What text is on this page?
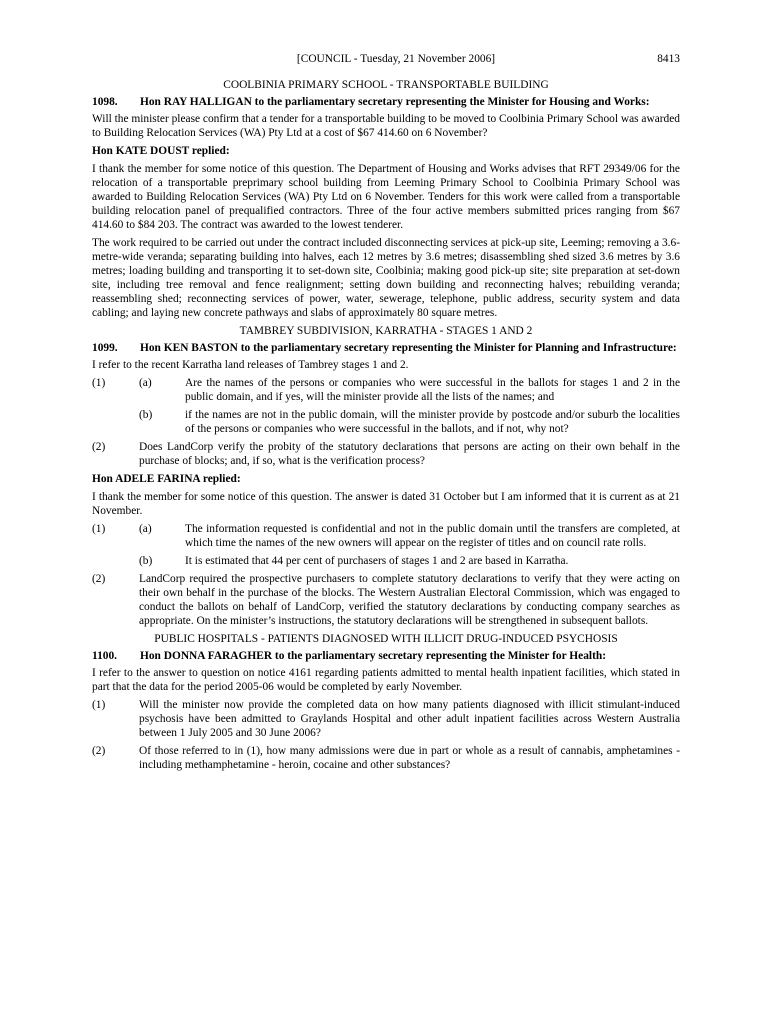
[COUNCIL - Tuesday, 21 November 2006]	8413
COOLBINIA PRIMARY SCHOOL - TRANSPORTABLE BUILDING
1098.	Hon RAY HALLIGAN to the parliamentary secretary representing the Minister for Housing and Works:

Will the minister please confirm that a tender for a transportable building to be moved to Coolbinia Primary School was awarded to Building Relocation Services (WA) Pty Ltd at a cost of $67 414.60 on 6 November?

Hon KATE DOUST replied:

I thank the member for some notice of this question. The Department of Housing and Works advises that RFT 29349/06 for the relocation of a transportable preprimary school building from Leeming Primary School to Coolbinia Primary School was awarded to Building Relocation Services (WA) Pty Ltd on 6 November. Tenders for this work were called from a transportable building relocation panel of prequalified contractors. Three of the four active members submitted prices ranging from $67 414.60 to $84 203. The contract was awarded to the lowest tenderer.

The work required to be carried out under the contract included disconnecting services at pick-up site, Leeming; removing a 3.6-metre-wide veranda; separating building into halves, each 12 metres by 3.6 metres; disassembling shed sized 3.6 metres by 3.6 metres; loading building and transporting it to set-down site, Coolbinia; making good pick-up site; site preparation at set-down site, including tree removal and fence realignment; setting down building and reconnecting halves; rebuilding veranda; reassembling shed; reconnecting services of power, water, sewerage, telephone, public address, security system and data cabling; and laying new concrete pathways and slabs of approximately 80 square metres.

TAMBREY SUBDIVISION, KARRATHA - STAGES 1 AND 2
1099.	Hon KEN BASTON to the parliamentary secretary representing the Minister for Planning and Infrastructure:

I refer to the recent Karratha land releases of Tambrey stages 1 and 2.

(1)	(a)	Are the names of the persons or companies who were successful in the ballots for stages 1 and 2 in the public domain, and if yes, will the minister provide all the lists of the names; and
(b)	if the names are not in the public domain, will the minister provide by postcode and/or suburb the localities of the persons or companies who were successful in the ballots, and if not, why not?
(2)	Does LandCorp verify the probity of the statutory declarations that persons are acting on their own behalf in the purchase of blocks; and, if so, what is the verification process?
Hon ADELE FARINA replied:

I thank the member for some notice of this question. The answer is dated 31 October but I am informed that it is current as at 21 November.

(1)	(a)	The information requested is confidential and not in the public domain until the transfers are completed, at which time the names of the new owners will appear on the register of titles and on council rate rolls.
(b)	It is estimated that 44 per cent of purchasers of stages 1 and 2 are based in Karratha.
(2)	LandCorp required the prospective purchasers to complete statutory declarations to verify that they were acting on their own behalf in the purchase of the blocks. The Western Australian Electoral Commission, which was engaged to conduct the ballots on behalf of LandCorp, verified the statutory declarations by conducting company searches as appropriate. On the minister’s instructions, the statutory declarations will be strengthened in subsequent ballots.
PUBLIC HOSPITALS - PATIENTS DIAGNOSED WITH ILLICIT DRUG-INDUCED PSYCHOSIS
1100.	Hon DONNA FARAGHER to the parliamentary secretary representing the Minister for Health:

I refer to the answer to question on notice 4161 regarding patients admitted to mental health inpatient facilities, which stated in part that the data for the period 2005-06 would be completed by early November.

(1)	Will the minister now provide the completed data on how many patients diagnosed with illicit stimulant-induced psychosis have been admitted to Graylands Hospital and other adult inpatient facilities across Western Australia between 1 July 2005 and 30 June 2006?
(2)	Of those referred to in (1), how many admissions were due in part or whole as a result of cannabis, amphetamines - including methamphetamine - heroin, cocaine and other substances?
